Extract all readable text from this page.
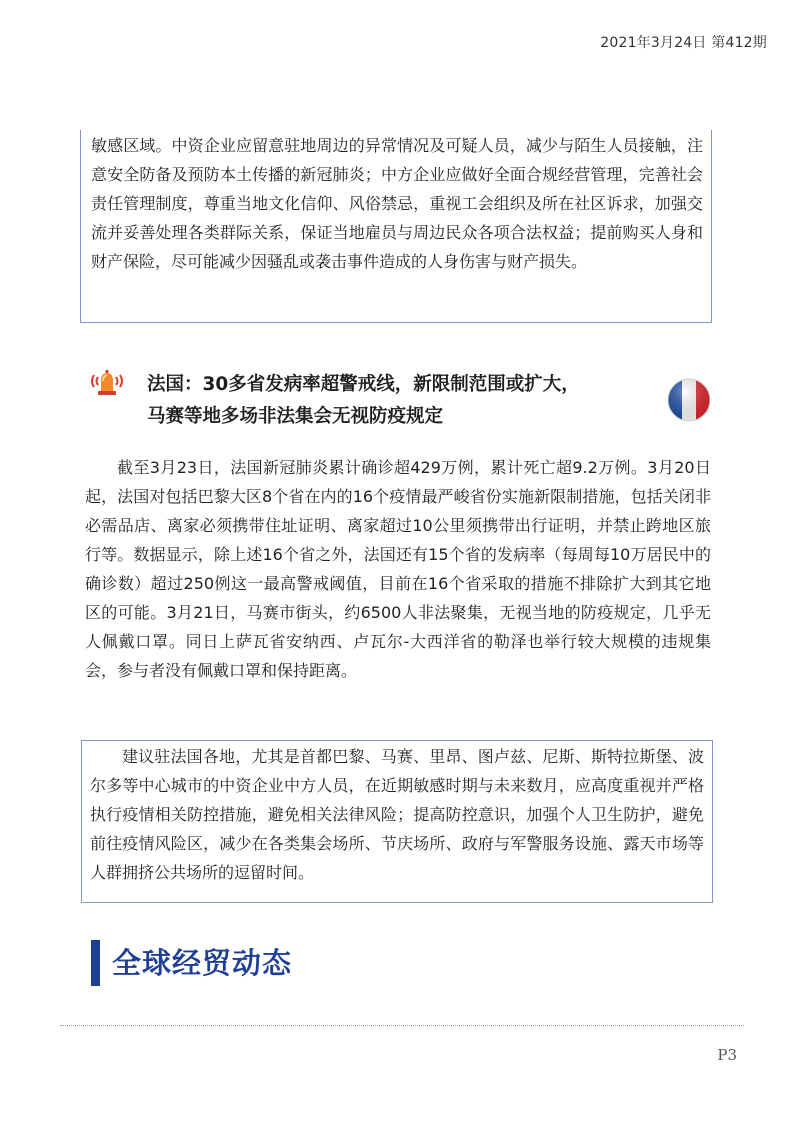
2021年3月24日 第412期

敏感区域。中资企业应留意驻地周边的异常情况及可疑人员，减少与陌生人员接触，注意安全防备及预防本土传播的新冠肺炎；中方企业应做好全面合规经营管理，完善社会责任管理制度，尊重当地文化信仰、风俗禁忌，重视工会组织及所在社区诉求，加强交流并妥善处理各类群际关系，保证当地雇员与周边民众各项合法权益；提前购买人身和财产保险，尽可能减少因骚乱或袭击事件造成的人身伤害与财产损失。

法国：30多省发病率超警戒线，新限制范围或扩大，
马赛等地多场非法集会无视防疫规定

截至3月23日，法国新冠肺炎累计确诊超429万例，累计死亡超9.2万例。3月20日起，法国对包括巴黎大区8个省在内的16个疫情最严峻省份实施新限制措施，包括关闭非必需品店、离家必须携带住址证明、离家超过10公里须携带出行证明，并禁止跨地区旅行等。数据显示，除上述16个省之外，法国还有15个省的发病率（每周每10万居民中的确诊数）超过250例这一最高警戒阈值，目前在16个省采取的措施不排除扩大到其它地区的可能。3月21日，马赛市街头，约6500人非法聚集，无视当地的防疫规定，几乎无人佩戴口罩。同日上萨瓦省安纳西、卢瓦尔-大西洋省的勒泽也举行较大规模的违规集会，参与者没有佩戴口罩和保持距离。

建议驻法国各地，尤其是首都巴黎、马赛、里昂、图卢兹、尼斯、斯特拉斯堡、波尔多等中心城市的中资企业中方人员，在近期敏感时期与未来数月，应高度重视并严格执行疫情相关防控措施，避免相关法律风险；提高防控意识，加强个人卫生防护，避免前往疫情风险区，减少在各类集会场所、节庆场所、政府与军警服务设施、露天市场等人群拥挤公共场所的逗留时间。

全球经贸动态
P3
